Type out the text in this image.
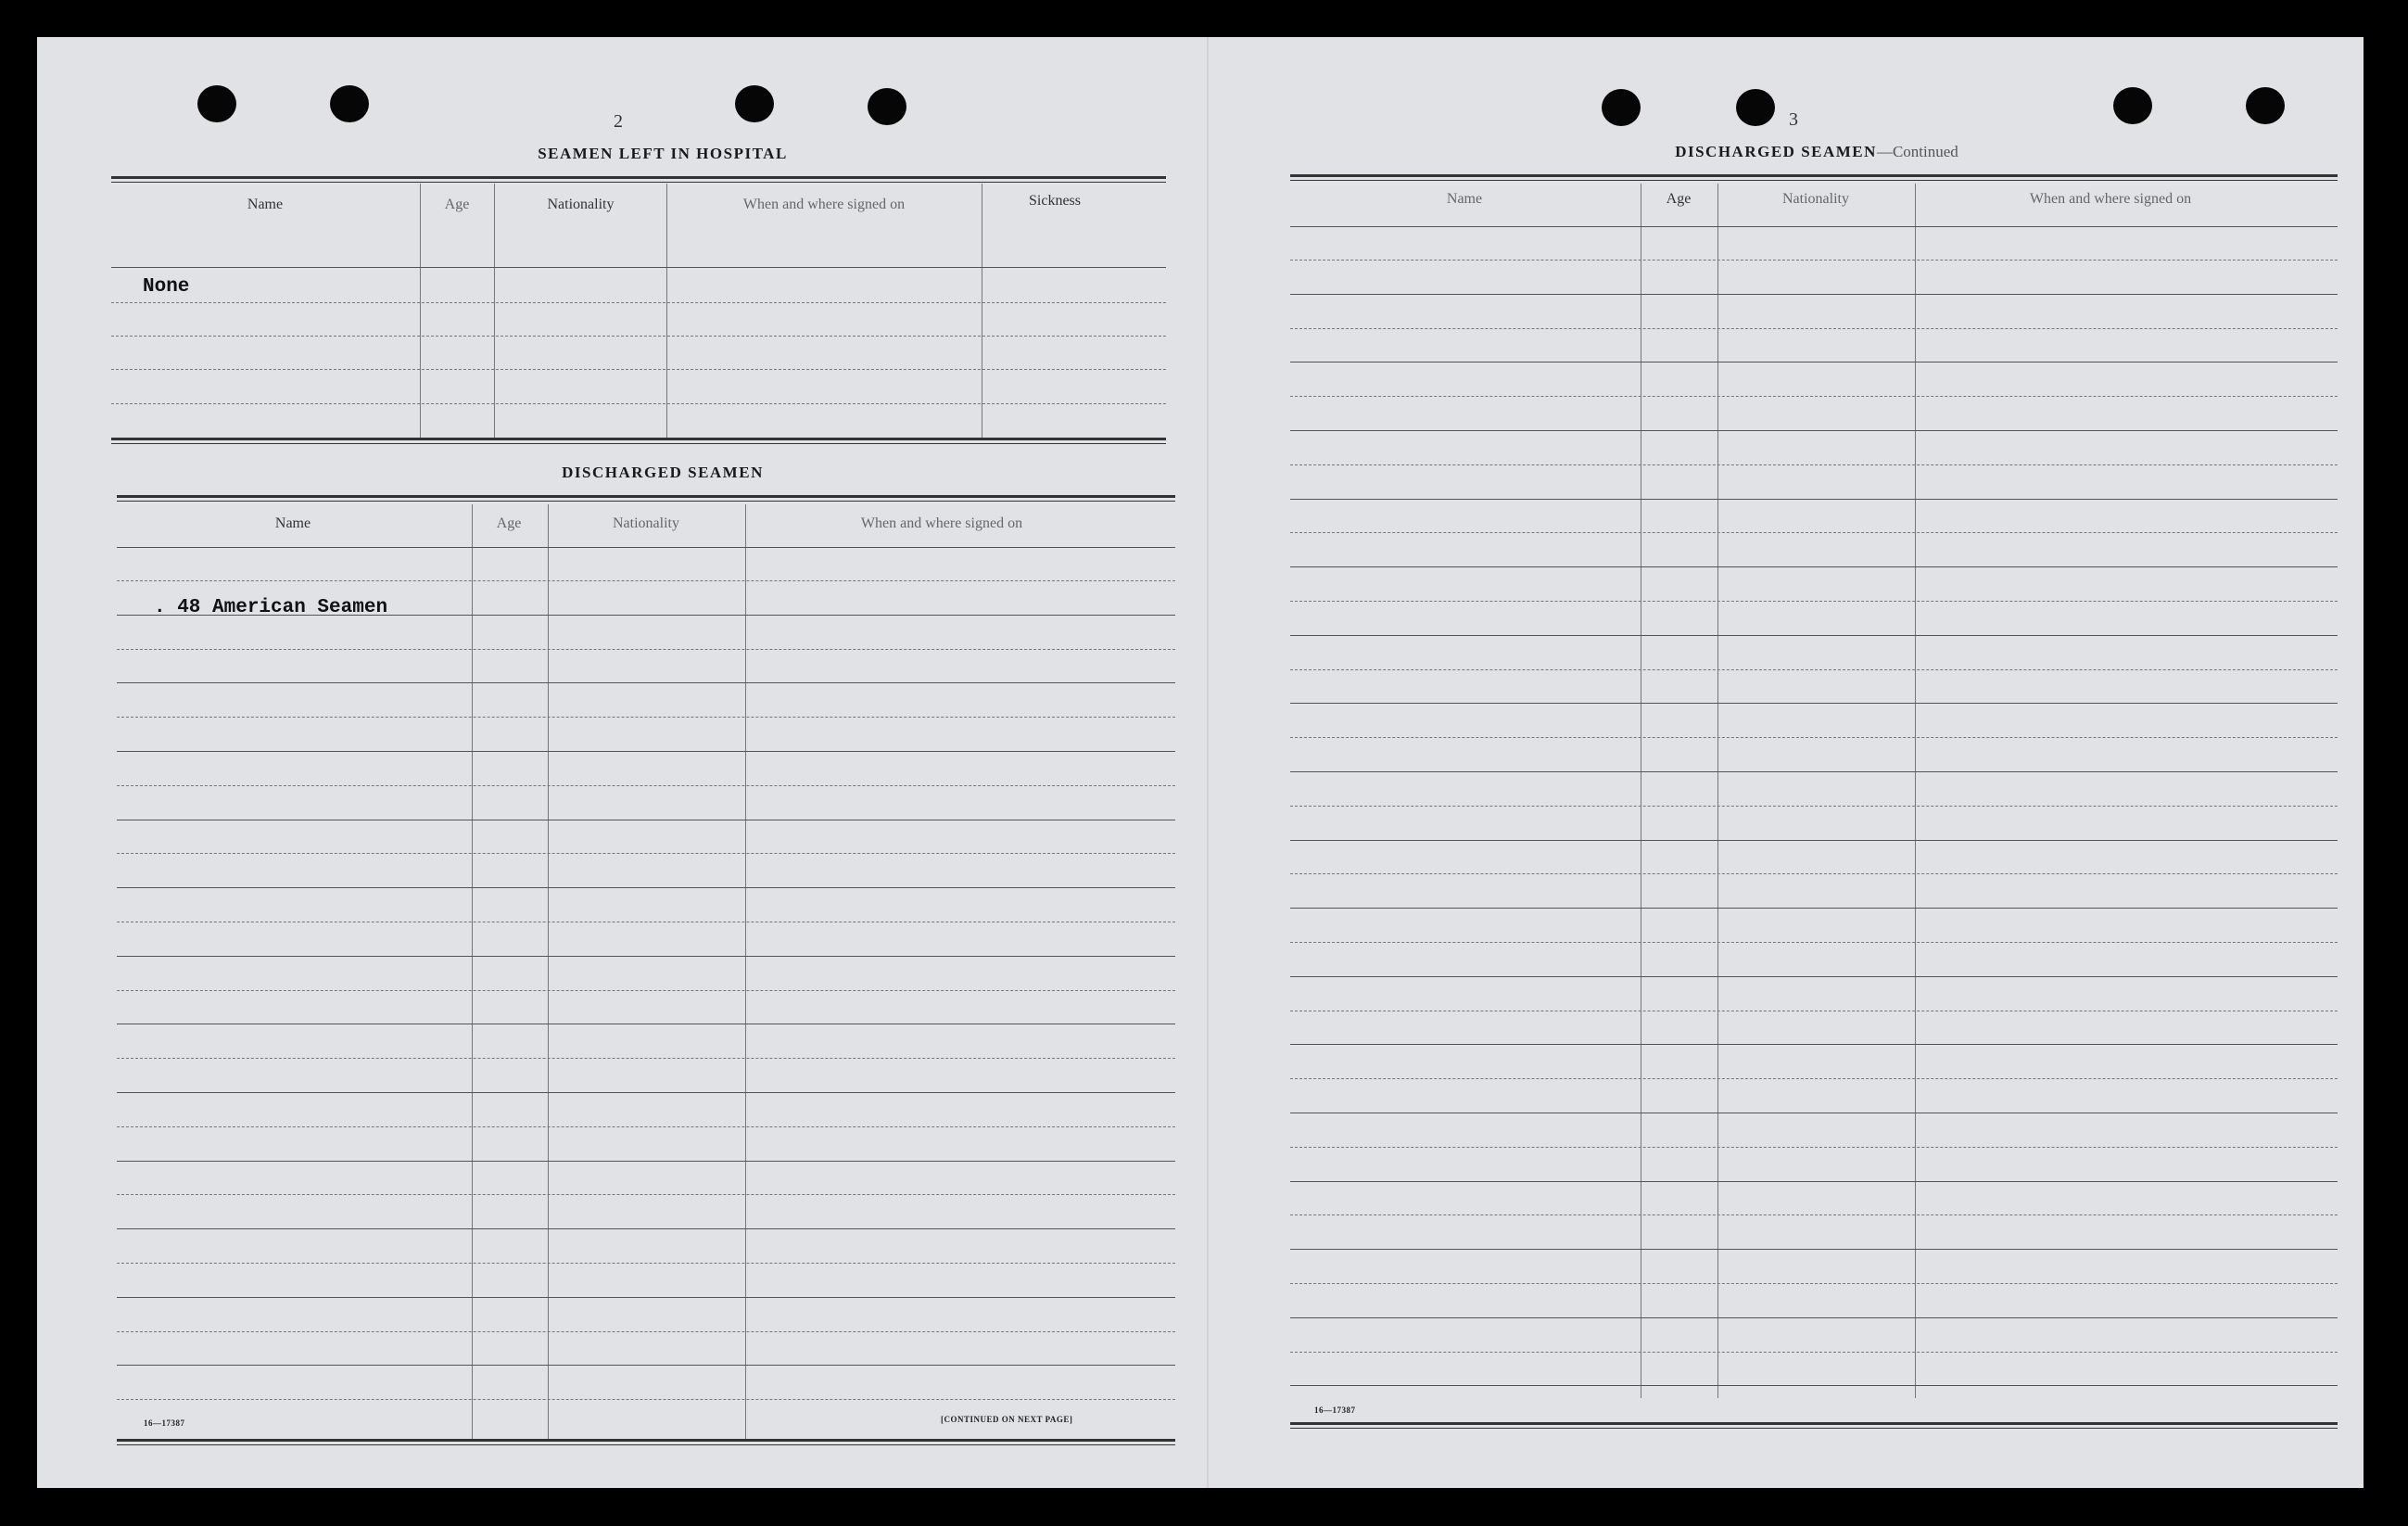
2
SEAMEN LEFT IN HOSPITAL
Name	Age	Nationality	When and where signed on	Sickness
None
DISCHARGED SEAMEN
Name	Age	Nationality	When and where signed on
. 48 American Seamen
16—17387	[CONTINUED ON NEXT PAGE]
3
DISCHARGED SEAMEN—Continued
Name	Age	Nationality	When and where signed on
16—17387
